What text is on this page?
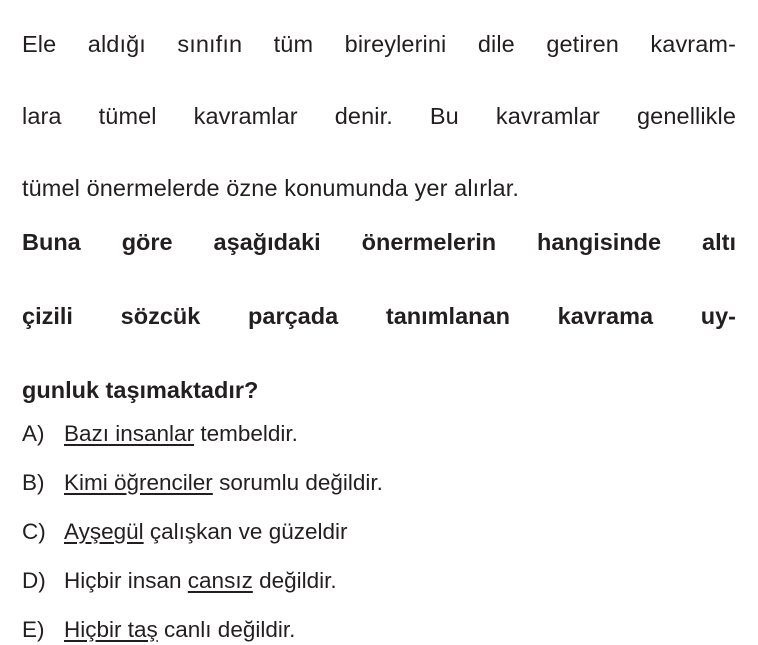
Ele aldığı sınıfın tüm bireylerini dile getiren kavram-
lara tümel kavramlar denir. Bu kavramlar genellikle
tümel önermelerde özne konumunda yer alırlar.
Buna göre aşağıdaki önermelerin hangisinde altı
çizili sözcük parçada tanımlanan kavrama uy-
gunluk taşımaktadır?
A) Bazı insanlar tembeldir.
B) Kimi öğrenciler sorumlu değildir.
C) Ayşegül çalışkan ve güzeldir
D) Hiçbir insan cansız değildir.
E) Hiçbir taş canlı değildir.
